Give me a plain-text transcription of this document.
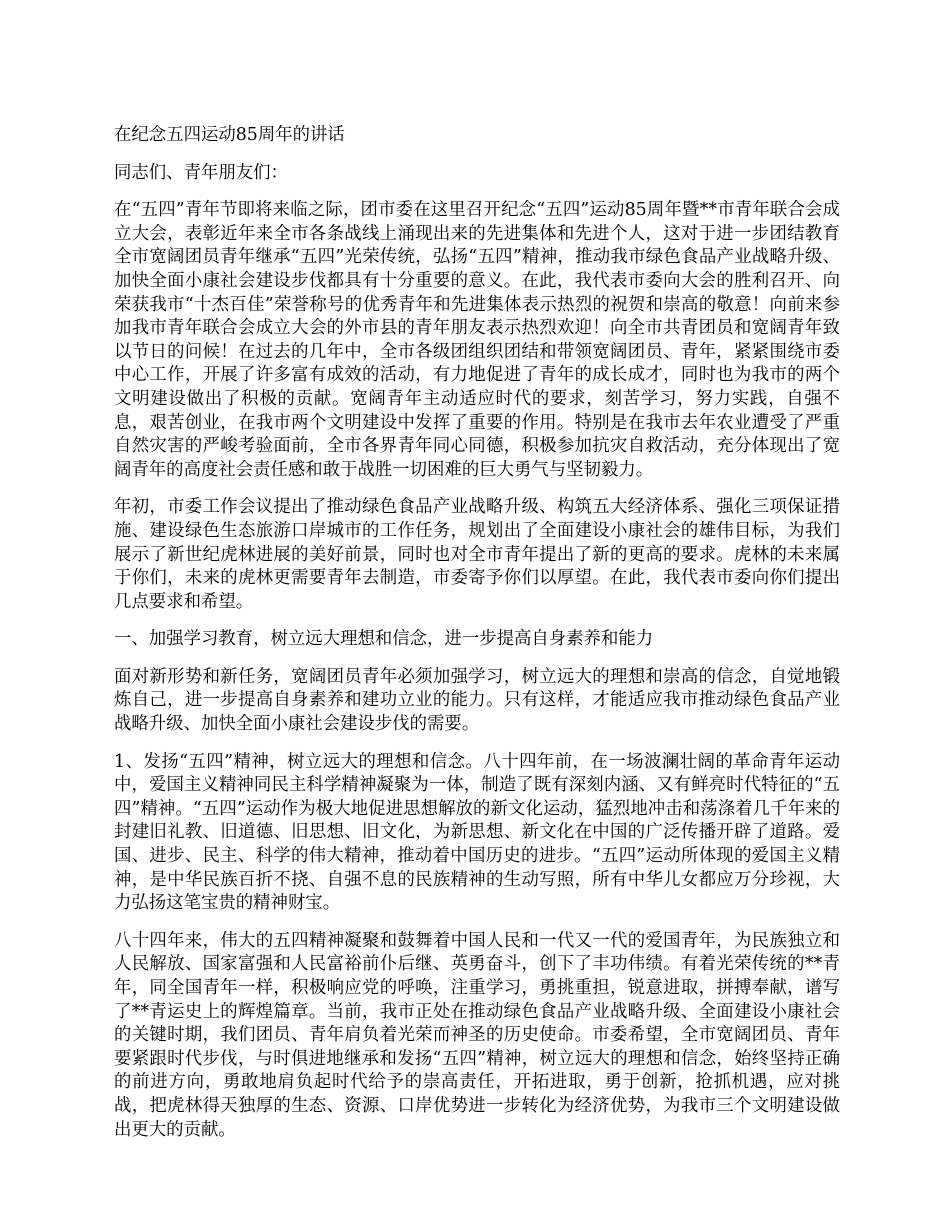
在纪念五四运动85周年的讲话

同志们、青年朋友们：

在“五四”青年节即将来临之际，团市委在这里召开纪念“五四”运动85周年暨**市青年联合会成立大会，表彰近年来全市各条战线上涌现出来的先进集体和先进个人，这对于进一步团结教育全市宽阔团员青年继承“五四”光荣传统，弘扬“五四”精神，推动我市绿色食品产业战略升级、加快全面小康社会建设步伐都具有十分重要的意义。在此，我代表市委向大会的胜利召开、向荣获我市“十杰百佳”荣誉称号的优秀青年和先进集体表示热烈的祝贺和崇高的敬意！向前来参加我市青年联合会成立大会的外市县的青年朋友表示热烈欢迎！向全市共青团员和宽阔青年致以节日的问候！在过去的几年中，全市各级团组织团结和带领宽阔团员、青年，紧紧围绕市委中心工作，开展了许多富有成效的活动，有力地促进了青年的成长成才，同时也为我市的两个文明建设做出了积极的贡献。宽阔青年主动适应时代的要求，刻苦学习，努力实践，自强不息，艰苦创业，在我市两个文明建设中发挥了重要的作用。特别是在我市去年农业遭受了严重自然灾害的严峻考验面前，全市各界青年同心同德，积极参加抗灾自救活动，充分体现出了宽阔青年的高度社会责任感和敢于战胜一切困难的巨大勇气与坚韧毅力。

年初，市委工作会议提出了推动绿色食品产业战略升级、构筑五大经济体系、强化三项保证措施、建设绿色生态旅游口岸城市的工作任务，规划出了全面建设小康社会的雄伟目标，为我们展示了新世纪虎林进展的美好前景，同时也对全市青年提出了新的更高的要求。虎林的未来属于你们，未来的虎林更需要青年去制造，市委寄予你们以厚望。在此，我代表市委向你们提出几点要求和希望。

一、加强学习教育，树立远大理想和信念，进一步提高自身素养和能力

面对新形势和新任务，宽阔团员青年必须加强学习，树立远大的理想和崇高的信念，自觉地锻炼自己，进一步提高自身素养和建功立业的能力。只有这样，才能适应我市推动绿色食品产业战略升级、加快全面小康社会建设步伐的需要。

1、发扬“五四”精神，树立远大的理想和信念。八十四年前，在一场波澜壮阔的革命青年运动中，爱国主义精神同民主科学精神凝聚为一体，制造了既有深刻内涵、又有鲜亮时代特征的“五四”精神。“五四”运动作为极大地促进思想解放的新文化运动，猛烈地冲击和荡涤着几千年来的封建旧礼教、旧道德、旧思想、旧文化，为新思想、新文化在中国的广泛传播开辟了道路。爱国、进步、民主、科学的伟大精神，推动着中国历史的进步。“五四”运动所体现的爱国主义精神，是中华民族百折不挠、自强不息的民族精神的生动写照，所有中华儿女都应万分珍视，大力弘扬这笔宝贵的精神财宝。

八十四年来，伟大的五四精神凝聚和鼓舞着中国人民和一代又一代的爱国青年，为民族独立和人民解放、国家富强和人民富裕前仆后继、英勇奋斗，创下了丰功伟绩。有着光荣传统的**青年，同全国青年一样，积极响应党的呼唤，注重学习，勇挑重担，锐意进取，拼搏奉献，谱写了**青运史上的辉煌篇章。当前，我市正处在推动绿色食品产业战略升级、全面建设小康社会的关键时期，我们团员、青年肩负着光荣而神圣的历史使命。市委希望，全市宽阔团员、青年要紧跟时代步伐，与时俱进地继承和发扬“五四”精神，树立远大的理想和信念，始终坚持正确的前进方向，勇敢地肩负起时代给予的崇高责任，开拓进取，勇于创新，抢抓机遇，应对挑战，把虎林得天独厚的生态、资源、口岸优势进一步转化为经济优势，为我市三个文明建设做出更大的贡献。
